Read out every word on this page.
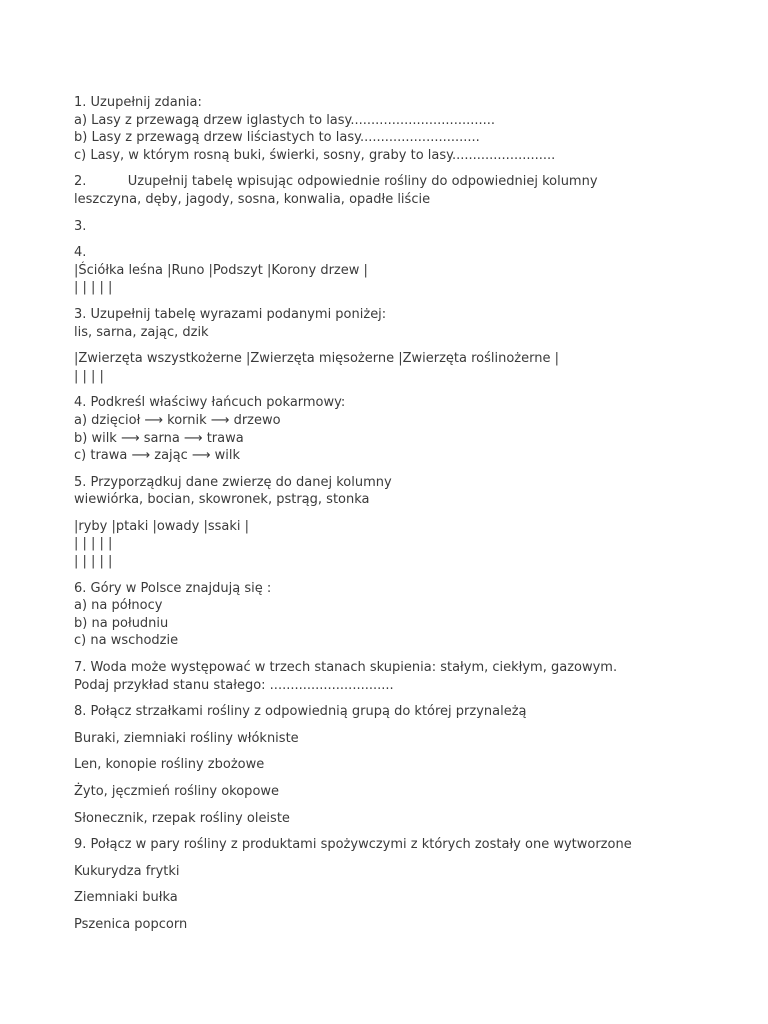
1. Uzupełnij zdania:
a) Lasy z przewagą drzew iglastych to lasy...................................
b) Lasy z przewagą drzew liściastych to lasy.............................
c) Lasy, w którym rosną buki, świerki, sosny, graby to lasy.........................
2.          Uzupełnij tabelę wpisując odpowiednie rośliny do odpowiedniej kolumny
leszczyna, dęby, jagody, sosna, konwalia, opadłe liście
3.
4.
|Ściółka leśna |Runo |Podszyt |Korony drzew |
| | | | |
3. Uzupełnij tabelę wyrazami podanymi poniżej:
lis, sarna, zając, dzik
|Zwierzęta wszystkożerne |Zwierzęta mięsożerne |Zwierzęta roślinożerne |
| | | |
4. Podkreśl właściwy łańcuch pokarmowy:
a) dzięcioł ⟶ kornik ⟶ drzewo
b) wilk ⟶ sarna ⟶ trawa
c) trawa ⟶ zając ⟶ wilk
5. Przyporządkuj dane zwierzę do danej kolumny
wiewiórka, bocian, skowronek, pstrąg, stonka
|ryby |ptaki |owady |ssaki |
| | | | |
| | | | |
6. Góry w Polsce znajdują się :
a) na północy
b) na południu
c) na wschodzie
7. Woda może występować w trzech stanach skupienia: stałym, ciekłym, gazowym.
Podaj przykład stanu stałego: ..............................
8. Połącz strzałkami rośliny z odpowiednią grupą do której przynależą
Buraki, ziemniaki rośliny włókniste
Len, konopie rośliny zbożowe
Żyto, jęczmień rośliny okopowe
Słonecznik, rzepak rośliny oleiste
9. Połącz w pary rośliny z produktami spożywczymi z których zostały one wytworzone
Kukurydza frytki
Ziemniaki bułka
Pszenica popcorn
